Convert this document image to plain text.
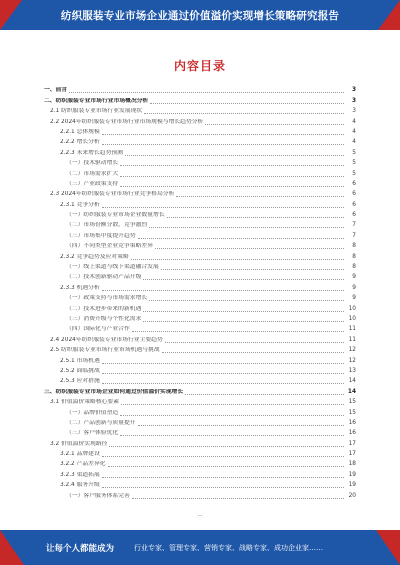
纺织服装专业市场企业通过价值溢价实现增长策略研究报告
内容目录
一、前言	3
二、纺织服装专业市场行业市场概况分析	3
2.1 纺织服装专业市场行业发展现状	3
2.2 2024年纺织服装专业市场行业市场规模与增长趋势分析	4
2.2.1 总体规模	4
2.2.2 增长分析	4
2.2.3 未来增长趋势预测	5
（一）技术驱动增长	5
（二）市场需求扩大	5
（三）产业政策支持	6
2.3 2024年纺织服装专业市场行业竞争格局分析	6
2.3.1 竞争分析	6
（一）纺织服装专业市场企业数量增长	6
（二）市场份额分散，竞争激烈	7
（三）市场集中度提升趋势	7
（四）不同类型企业竞争策略差异	8
2.3.2 竞争趋势及应对策略	8
（一）线上渠道与线下渠道融合发展	8
（二）技术创新驱动产品升级	9
2.3.3 机遇分析	9
（一）政策支持与市场需求增长	9
（二）技术进步带来的新机遇	10
（三）消费升级与个性化需求	10
（四）国际化与产业合作	11
2.4 2024年纺织服装专业市场行业主要趋势	11
2.5 纺织服装专业市场行业市场机遇与挑战	12
2.5.1 市场机遇	12
2.5.2 面临挑战	13
2.5.3 应对措施	14
三、纺织服装专业市场企业如何通过价值溢价实现增长	14
3.1 价值溢价策略核心要素	15
（一）品牌价值塑造	15
（二）产品创新与质量提升	16
（三）客户体验优化	16
3.2 价值溢价实现路径	17
3.2.1 品牌建设	17
3.2.2 产品差异化	18
3.2.3 渠道拓展	19
3.2.4 服务升级	19
（一）客户服务体系完善	20
—
让每个人都能成为	行业专家、管理专家、营销专家、战略专家、成功企业家……
